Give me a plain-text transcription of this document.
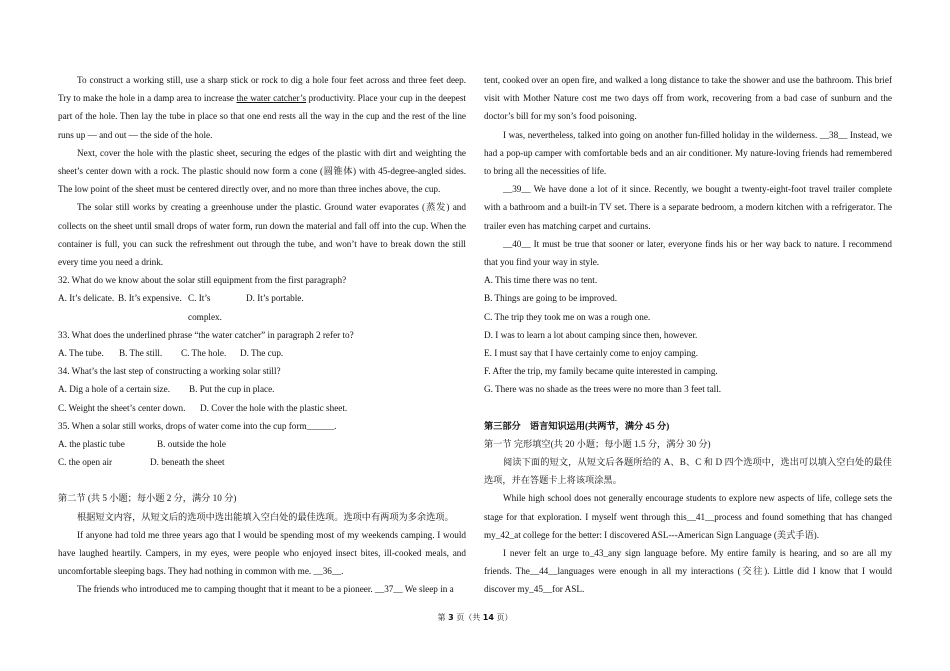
To construct a working still, use a sharp stick or rock to dig a hole four feet across and three feet deep. Try to make the hole in a damp area to increase the water catcher’s productivity. Place your cup in the deepest part of the hole. Then lay the tube in place so that one end rests all the way in the cup and the rest of the line runs up — and out — the side of the hole.

Next, cover the hole with the plastic sheet, securing the edges of the plastic with dirt and weighting the sheet’s center down with a rock. The plastic should now form a cone (圆锥体) with 45-degree-angled sides. The low point of the sheet must be centered directly over, and no more than three inches above, the cup.

The solar still works by creating a greenhouse under the plastic. Ground water evaporates (蒸发) and collects on the sheet until small drops of water form, run down the material and fall off into the cup. When the container is full, you can suck the refreshment out through the tube, and won’t have to break down the still every time you need a drink.

32. What do we know about the solar still equipment from the first paragraph?

A. It’s delicate. B. It’s expensive. C. It’s complex.
D. It’s portable.

33. What does the underlined phrase “the water catcher” in paragraph 2 refer to?

A. The tube.	B. The still.	C. The hole.	D. The cup.

34. What’s the last step of constructing a working solar still?

A. Dig a hole of a certain size.	B. Put the cup in place.
C. Weight the sheet’s center down.	D. Cover the hole with the plastic sheet.

35. When a solar still works, drops of water come into the cup form______.

A. the plastic tube	B. outside the hole
C. the open air	D. beneath the sheet

第二节 (共 5 小题；每小题 2 分，满分 10 分)

根据短文内容，从短文后的选项中选出能填入空白处的最佳选项。选项中有两项为多余选项。

If anyone had told me three years ago that I would be spending most of my weekends camping. I would have laughed heartily. Campers, in my eyes, were people who enjoyed insect bites, ill-cooked meals, and uncomfortable sleeping bags. They had nothing in common with me. __36__.

The friends who introduced me to camping thought that it meant to be a pioneer. __37__ We sleep in a

tent, cooked over an open fire, and walked a long distance to take the shower and use the bathroom. This brief visit with Mother Nature cost me two days off from work, recovering from a bad case of sunburn and the doctor’s bill for my son’s food poisoning.

I was, nevertheless, talked into going on another fun-filled holiday in the wilderness. __38__ Instead, we had a pop-up camper with comfortable beds and an air conditioner. My nature-loving friends had remembered to bring all the necessities of life.

__39__ We have done a lot of it since. Recently, we bought a twenty-eight-foot travel trailer complete with a bathroom and a built-in TV set. There is a separate bedroom, a modern kitchen with a refrigerator. The trailer even has matching carpet and curtains.

__40__ It must be true that sooner or later, everyone finds his or her way back to nature. I recommend that you find your way in style.

A. This time there was no tent.

B. Things are going to be improved.

C. The trip they took me on was a rough one.

D. I was to learn a lot about camping since then, however.

E. I must say that I have certainly come to enjoy camping.

F. After the trip, my family became quite interested in camping.

G. There was no shade as the trees were no more than 3 feet tall.

第三部分　语言知识运用(共两节，满分 45 分)

第一节 完形填空(共 20 小题；每小题 1.5 分，满分 30 分)

阅读下面的短文，从短文后各题所给的 A、B、C 和 D 四个选项中，选出可以填入空白处的最佳选项，并在答题卡上将该项涂黑。

While high school does not generally encourage students to explore new aspects of life, college sets the stage for that exploration. I myself went through this__41__process and found something that has changed my_42_at college for the better: I discovered ASL---American Sign Language (美式手语).

I never felt an urge to_43_any sign language before. My entire family is hearing, and so are all my friends. The__44__languages were enough in all my interactions (交往). Little did I know that I would discover my_45__for ASL.

第 3 页（共 14 页）
